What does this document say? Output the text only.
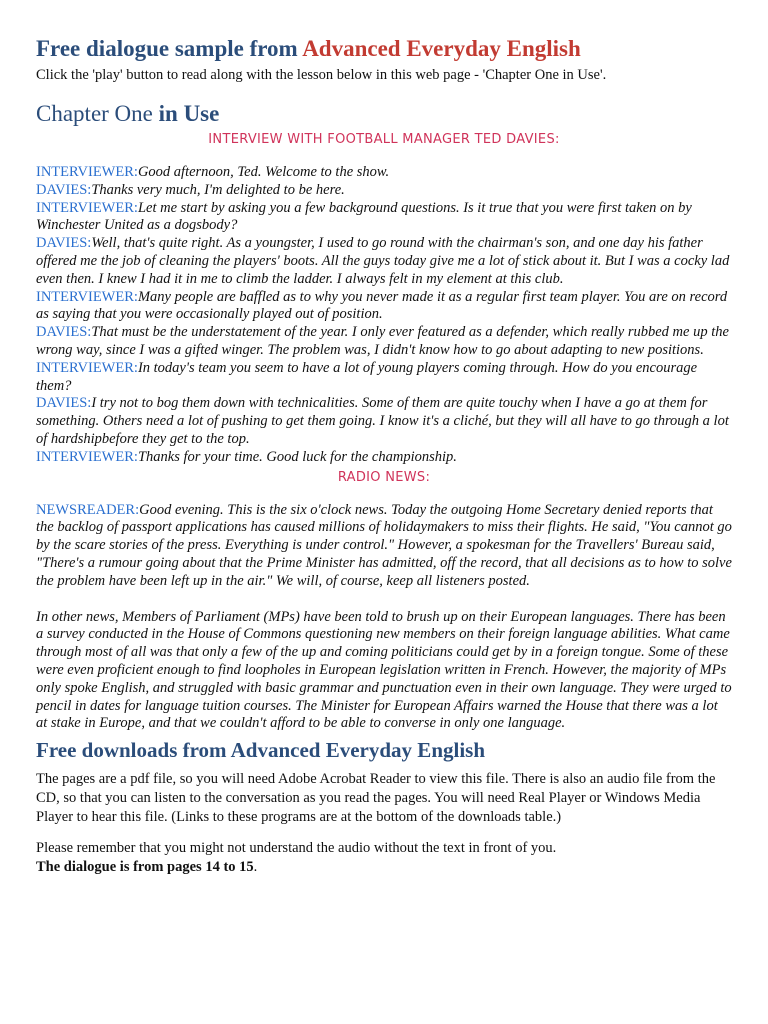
Free dialogue sample from Advanced Everyday English

Click the 'play' button to read along with the lesson below in this web page - 'Chapter One in Use'.

Chapter One in Use
INTERVIEW WITH FOOTBALL MANAGER TED DAVIES:

INTERVIEWER:Good afternoon, Ted. Welcome to the show.

DAVIES:Thanks very much, I'm delighted to be here.

INTERVIEWER:Let me start by asking you a few background questions. Is it true that you were first taken on by Winchester United as a dogsbody?

DAVIES:Well, that's quite right. As a youngster, I used to go round with the chairman's son, and one day his father offered me the job of cleaning the players' boots. All the guys today give me a lot of stick about it. But I was a cocky lad even then. I knew I had it in me to climb the ladder. I always felt in my element at this club.

INTERVIEWER:Many people are baffled as to why you never made it as a regular first team player. You are on record as saying that you were occasionally played out of position.

DAVIES:That must be the understatement of the year. I only ever featured as a defender, which really rubbed me up the wrong way, since I was a gifted winger. The problem was, I didn't know how to go about adapting to new positions.

INTERVIEWER:In today's team you seem to have a lot of young players coming through. How do you encourage them?

DAVIES:I try not to bog them down with technicalities. Some of them are quite touchy when I have a go at them for something. Others need a lot of pushing to get them going. I know it's a cliché, but they will all have to go through a lot of hardshipbefore they get to the top.

INTERVIEWER:Thanks for your time. Good luck for the championship.

RADIO NEWS:

NEWSREADER:Good evening. This is the six o'clock news. Today the outgoing Home Secretary denied reports that the backlog of passport applications has caused millions of holidaymakers to miss their flights. He said, "You cannot go by the scare stories of the press. Everything is under control." However, a spokesman for the Travellers' Bureau said, "There's a rumour going about that the Prime Minister has admitted, off the record, that all decisions as to how to solve the problem have been left up in the air." We will, of course, keep all listeners posted.

In other news, Members of Parliament (MPs) have been told to brush up on their European languages. There has been a survey conducted in the House of Commons questioning new members on their foreign language abilities. What came through most of all was that only a few of the up and coming politicians could get by in a foreign tongue. Some of these were even proficient enough to find loopholes in European legislation written in French. However, the majority of MPs only spoke English, and struggled with basic grammar and punctuation even in their own language. They were urged to pencil in dates for language tuition courses. The Minister for European Affairs warned the House that there was a lot at stake in Europe, and that we couldn't afford to be able to converse in only one language.

Free downloads from Advanced Everyday English

The pages are a pdf file, so you will need Adobe Acrobat Reader to view this file. There is also an audio file from the CD, so that you can listen to the conversation as you read the pages. You will need Real Player or Windows Media Player to hear this file. (Links to these programs are at the bottom of the downloads table.)

Please remember that you might not understand the audio without the text in front of you.
The dialogue is from pages 14 to 15.
